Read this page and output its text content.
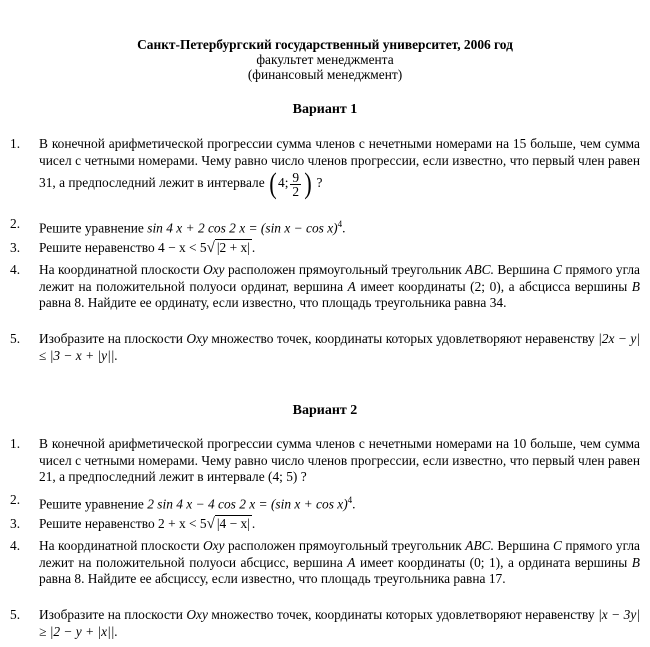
Санкт-Петербургский государственный университет, 2006 год
факультет менеджмента
(финансовый менеджмент)
Вариант 1
1. В конечной арифметической прогрессии сумма членов с нечетными номерами на 15 больше, чем сумма чисел с четными номерами. Чему равно число членов прогрессии, если известно, что первый член равен 31, а предпоследний лежит в интервале (4; $\frac{9}{2}$ ) ?
2. Решите уравнение sin 4 x + 2 cos 2 x = (sin x − cos x)$^4$.
3. Решите неравенство 4 − x < 5√ |2 + x| .
4. На координатной плоскости Oxy расположен прямоугольный треугольник ABC. Вершина C прямого угла лежит на положительной полуоси ординат, вершина A имеет координаты (2; 0), а абсцисса вершины B равна 8. Найдите ее ординату, если известно, что площадь треугольника равна 34.
5. Изобразите на плоскости Oxy множество точек, координаты которых удовлетворяют неравенству |2x − y| ≤ |3 − x + |y||.
Вариант 2
1. В конечной арифметической прогрессии сумма членов с нечетными номерами на 10 больше, чем сумма чисел с четными номерами. Чему равно число членов прогрессии, если известно, что первый член равен 21, а предпоследний лежит в интервале (4; 5) ?
2. Решите уравнение 2 sin 4 x − 4 cos 2 x = (sin x + cos x)$^4$.
3. Решите неравенство 2 + x < 5√ |4 − x| .
4. На координатной плоскости Oxy расположен прямоугольный треугольник ABC. Вершина C прямого угла лежит на положительной полуоси абсцисс, вершина A имеет координаты (0; 1), а ордината вершины B равна 8. Найдите ее абсциссу, если известно, что площадь треугольника равна 17.
5. Изобразите на плоскости Oxy множество точек, координаты которых удовлетворяют неравенству |x − 3y| ≥ |2 − y + |x||.
